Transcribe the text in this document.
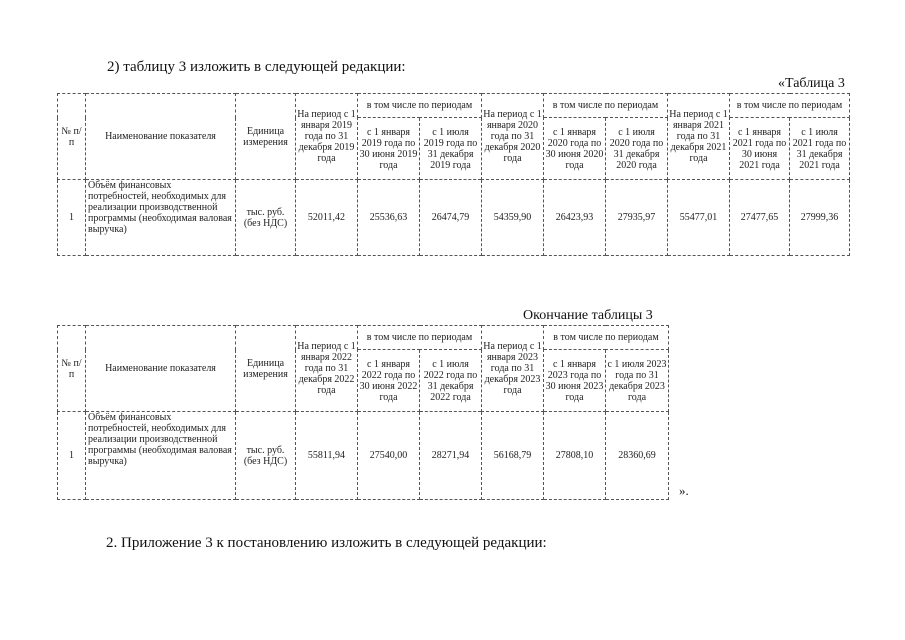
2) таблицу 3 изложить в следующей редакции:
«Таблица 3
№ п/п	Наименование показателя	Единица измерения	На период с 1 января 2019 года по 31 декабря 2019 года	в том числе по периодам		На период с 1 января 2020 года по 31 декабря 2020 года	в том числе по периодам		На период с 1 января 2021 года по 31 декабря 2021 года	в том числе по периодам	
				с 1 января 2019 года по 30 июня 2019 года	с 1 июля 2019 года по 31 декабря 2019 года		с 1 января 2020 года по 30 июня 2020 года	с 1 июля 2020 года по 31 декабря 2020 года		с 1 января 2021 года по 30 июня 2021 года	с 1 июля 2021 года по 31 декабря 2021 года
1	Объём финансовых потребностей, необходимых для реализации производственной программы (необходимая валовая выручка)	тыс. руб. (без НДС)	52011,42	25536,63	26474,79	54359,90	26423,93	27935,97	55477,01	27477,65	27999,36
Окончание таблицы 3
№ п/п	Наименование показателя	Единица измерения	На период с 1 января 2022 года по 31 декабря 2022 года	в том числе по периодам		На период с 1 января 2023 года по 31 декабря 2023 года	в том числе по периодам	
				с 1 января 2022 года по 30 июня 2022 года	с 1 июля 2022 года по 31 декабря 2022 года		с 1 января 2023 года по 30 июня 2023 года	с 1 июля 2023 года по 31 декабря 2023 года
1	Объём финансовых потребностей, необходимых для реализации производственной программы (необходимая валовая выручка)	тыс. руб. (без НДС)	55811,94	27540,00	28271,94	56168,79	27808,10	28360,69
».
2. Приложение 3 к постановлению изложить в следующей редакции:
